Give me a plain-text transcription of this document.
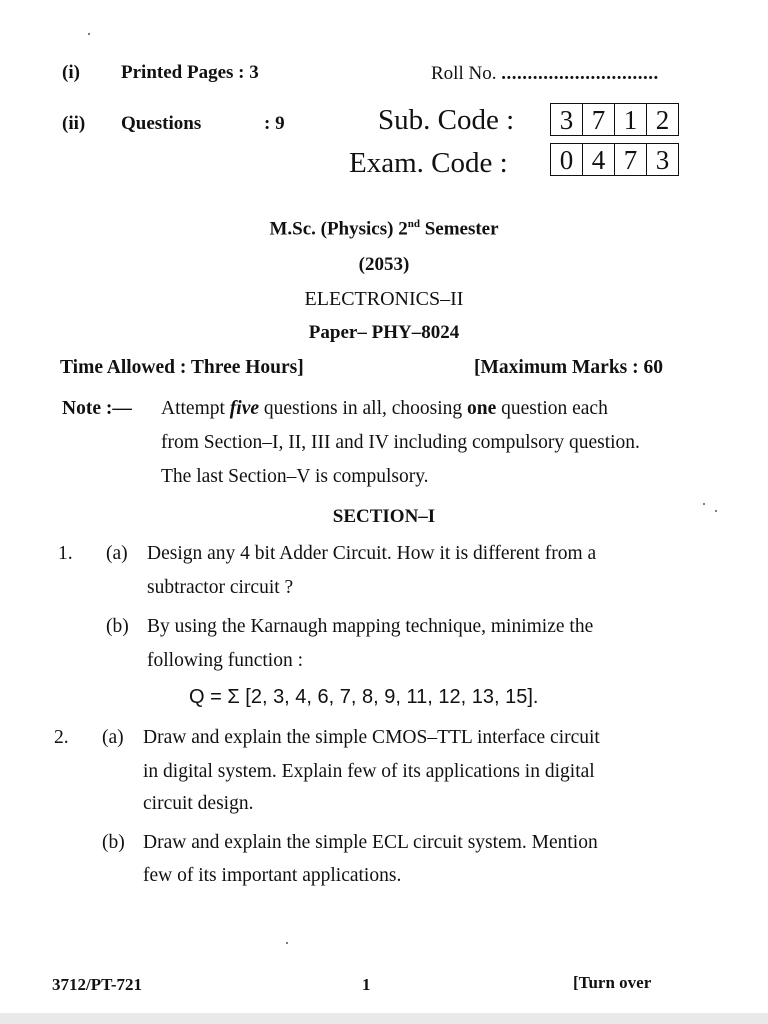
(i) Printed Pages : 3
(ii) Questions	: 9
Roll No. ..............................
Sub. Code :	3 7 1 2
Exam. Code :	0 4 7 3
M.Sc. (Physics) 2nd Semester
(2053)
ELECTRONICS–II
Paper– PHY–8024
Time Allowed : Three Hours]	[Maximum Marks : 60
Note :— Attempt five questions in all, choosing one question each
from Section–I, II, III and IV including compulsory question.
The last Section–V is compulsory.
SECTION–I
1. (a) Design any 4 bit Adder Circuit. How it is different from a
subtractor circuit ?
(b) By using the Karnaugh mapping technique, minimize the
following function :
Q = Σ [2, 3, 4, 6, 7, 8, 9, 11, 12, 13, 15].
2. (a) Draw and explain the simple CMOS–TTL interface circuit
in digital system. Explain few of its applications in digital
circuit design.
(b) Draw and explain the simple ECL circuit system. Mention
few of its important applications.
3712/PT-721	1	[Turn over
